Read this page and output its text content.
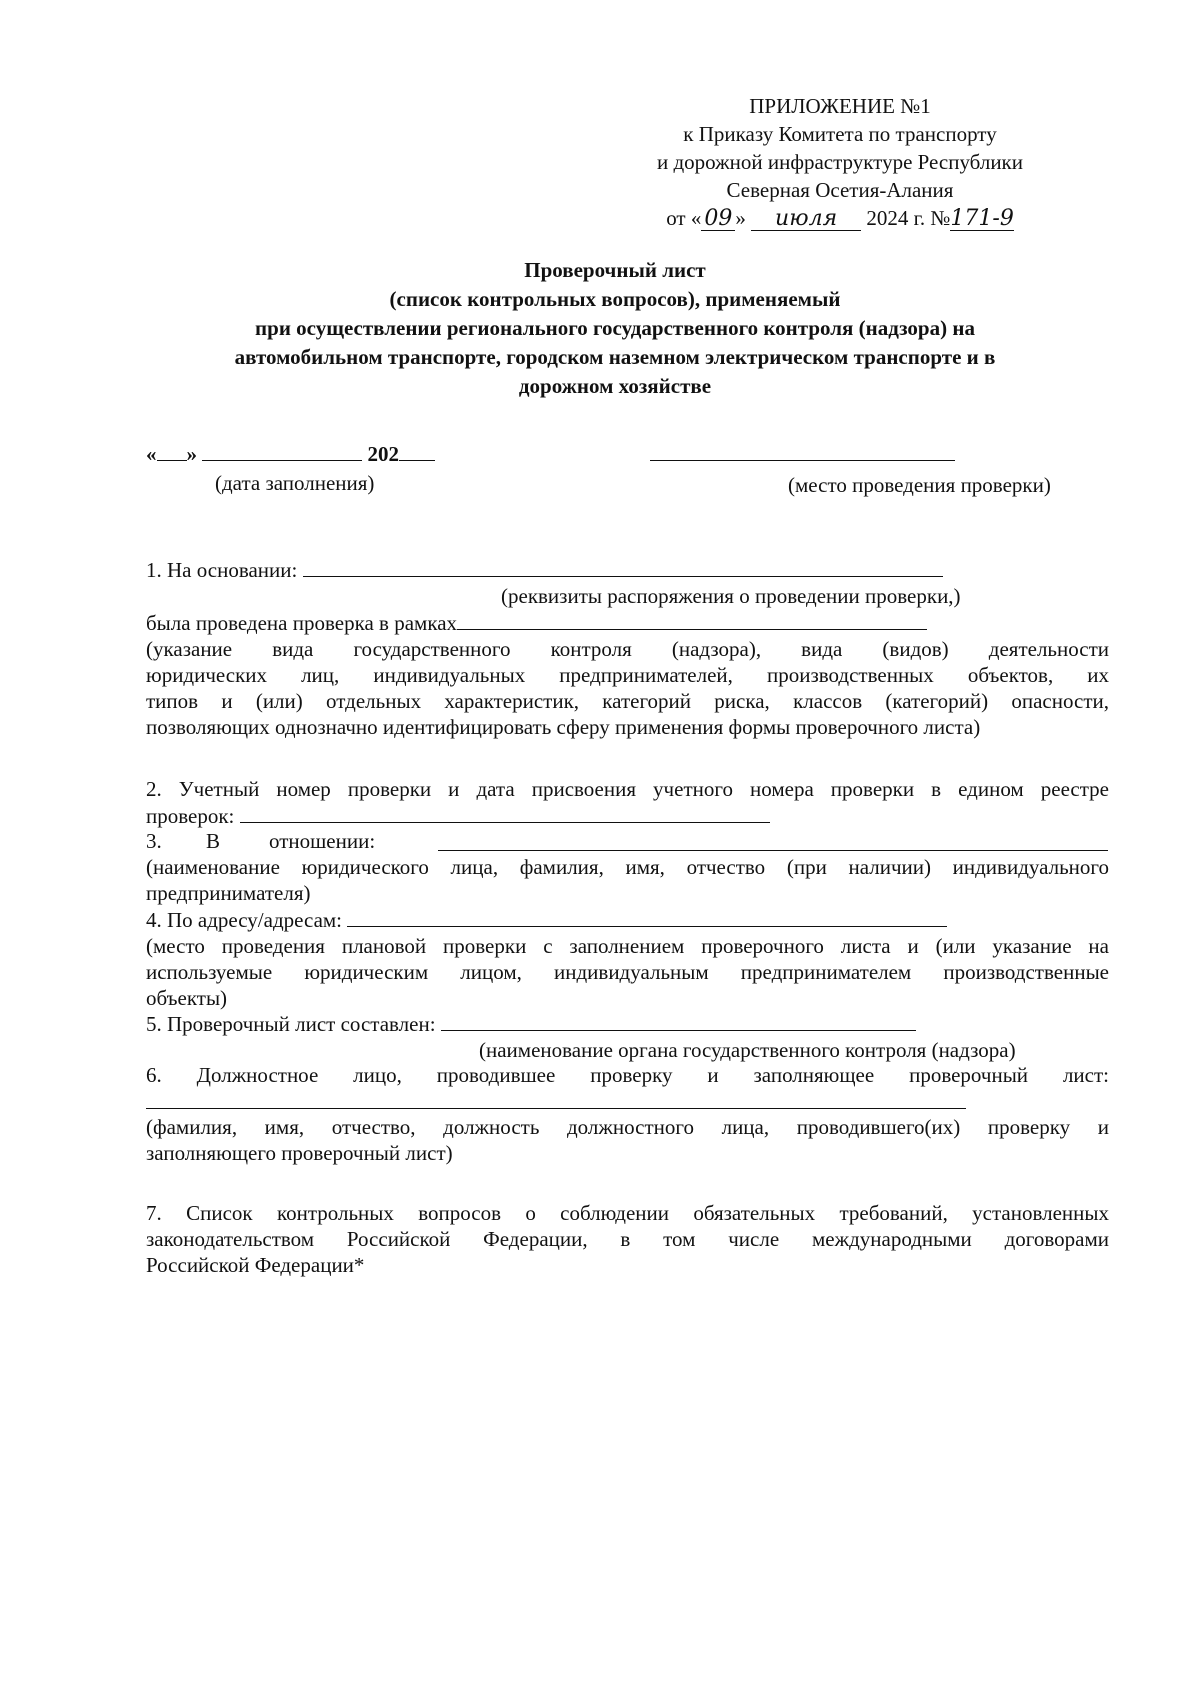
ПРИЛОЖЕНИЕ №1
к Приказу Комитета по транспорту
и дорожной инфраструктуре Республики
Северная Осетия-Алания
от « 09 » июля 2024 г. №171-9
Проверочный лист
(список контрольных вопросов), применяемый
при осуществлении регионального государственного контроля (надзора) на
автомобильном транспорте, городском наземном электрическом транспорте и в
дорожном хозяйстве
« »	202
(дата заполнения)	(место проведения проверки)
1. На основании:
(реквизиты распоряжения о проведении проверки,)
была проведена проверка в рамках
(указание вида государственного контроля (надзора), вида (видов) деятельности
юридических лиц, индивидуальных предпринимателей, производственных объектов, их
типов и (или) отдельных характеристик, категорий риска, классов (категорий) опасности,
позволяющих однозначно идентифицировать сферу применения формы проверочного листа)
2. Учетный номер проверки и дата присвоения учетного номера проверки в едином реестре
проверок:
3. В отношении:
(наименование юридического лица, фамилия, имя, отчество (при наличии) индивидуального
предпринимателя)
4. По адресу/адресам:
(место проведения плановой проверки с заполнением проверочного листа и (или указание на
используемые юридическим лицом, индивидуальным предпринимателем производственные
объекты)
5. Проверочный лист составлен:
(наименование органа государственного контроля (надзора)
6. Должностное лицо, проводившее проверку и заполняющее проверочный лист:
(фамилия, имя, отчество, должность должностного лица, проводившего(их) проверку и
заполняющего проверочный лист)
7. Список контрольных вопросов о соблюдении обязательных требований, установленных
законодательством Российской Федерации, в том числе международными договорами
Российской Федерации*
